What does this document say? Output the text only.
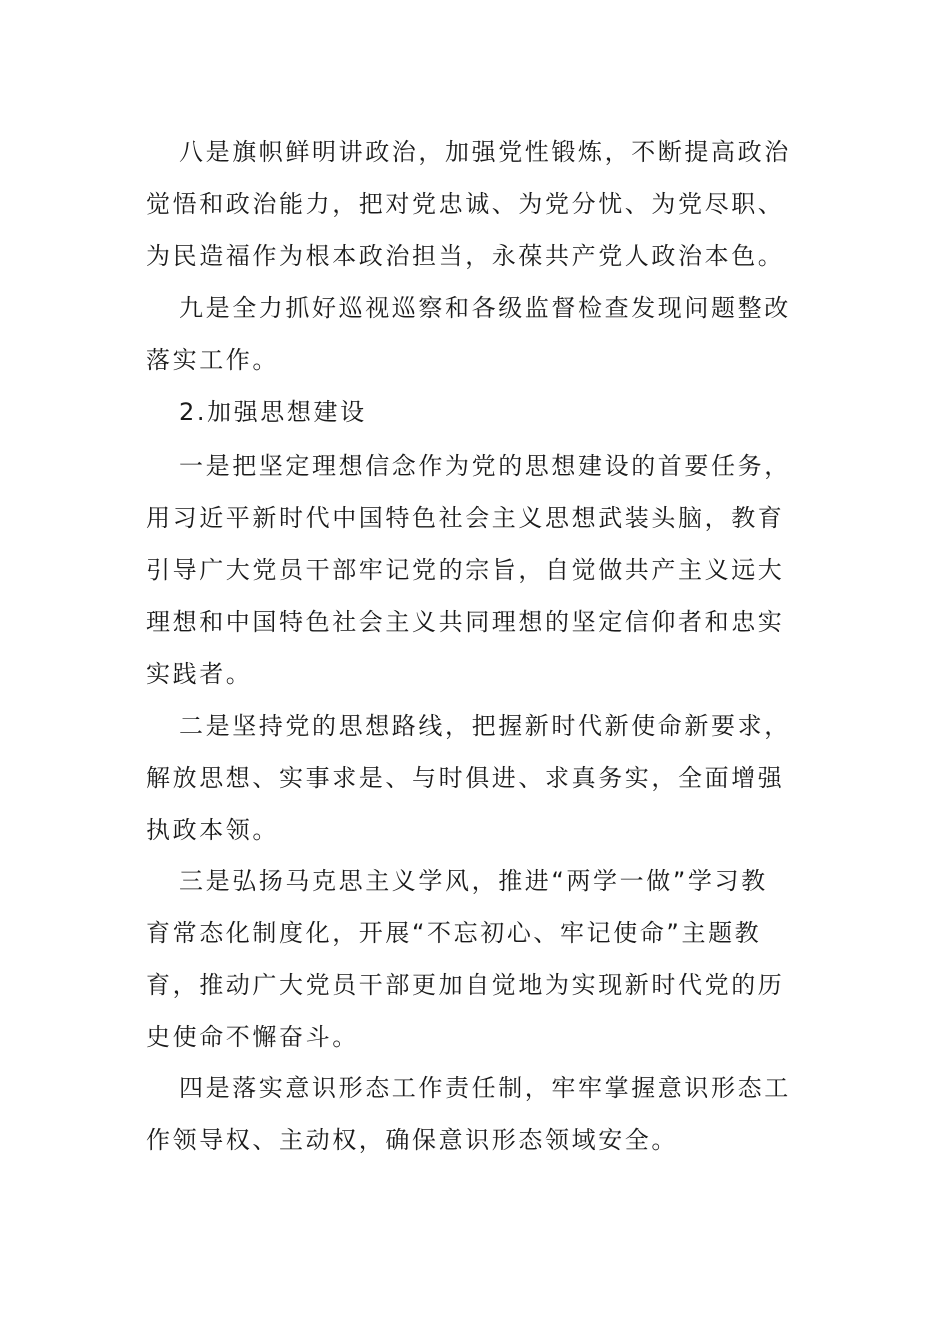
八是旗帜鲜明讲政治，加强党性锻炼，不断提高政治
觉悟和政治能力，把对党忠诚、为党分忧、为党尽职、
为民造福作为根本政治担当，永葆共产党人政治本色。
九是全力抓好巡视巡察和各级监督检查发现问题整改
落实工作。
2.加强思想建设
一是把坚定理想信念作为党的思想建设的首要任务，
用习近平新时代中国特色社会主义思想武装头脑，教育
引导广大党员干部牢记党的宗旨，自觉做共产主义远大
理想和中国特色社会主义共同理想的坚定信仰者和忠实
实践者。
二是坚持党的思想路线，把握新时代新使命新要求，
解放思想、实事求是、与时俱进、求真务实，全面增强
执政本领。
三是弘扬马克思主义学风，推进“两学一做”学习教
育常态化制度化，开展“不忘初心、牢记使命”主题教
育，推动广大党员干部更加自觉地为实现新时代党的历
史使命不懈奋斗。
四是落实意识形态工作责任制，牢牢掌握意识形态工
作领导权、主动权，确保意识形态领域安全。
